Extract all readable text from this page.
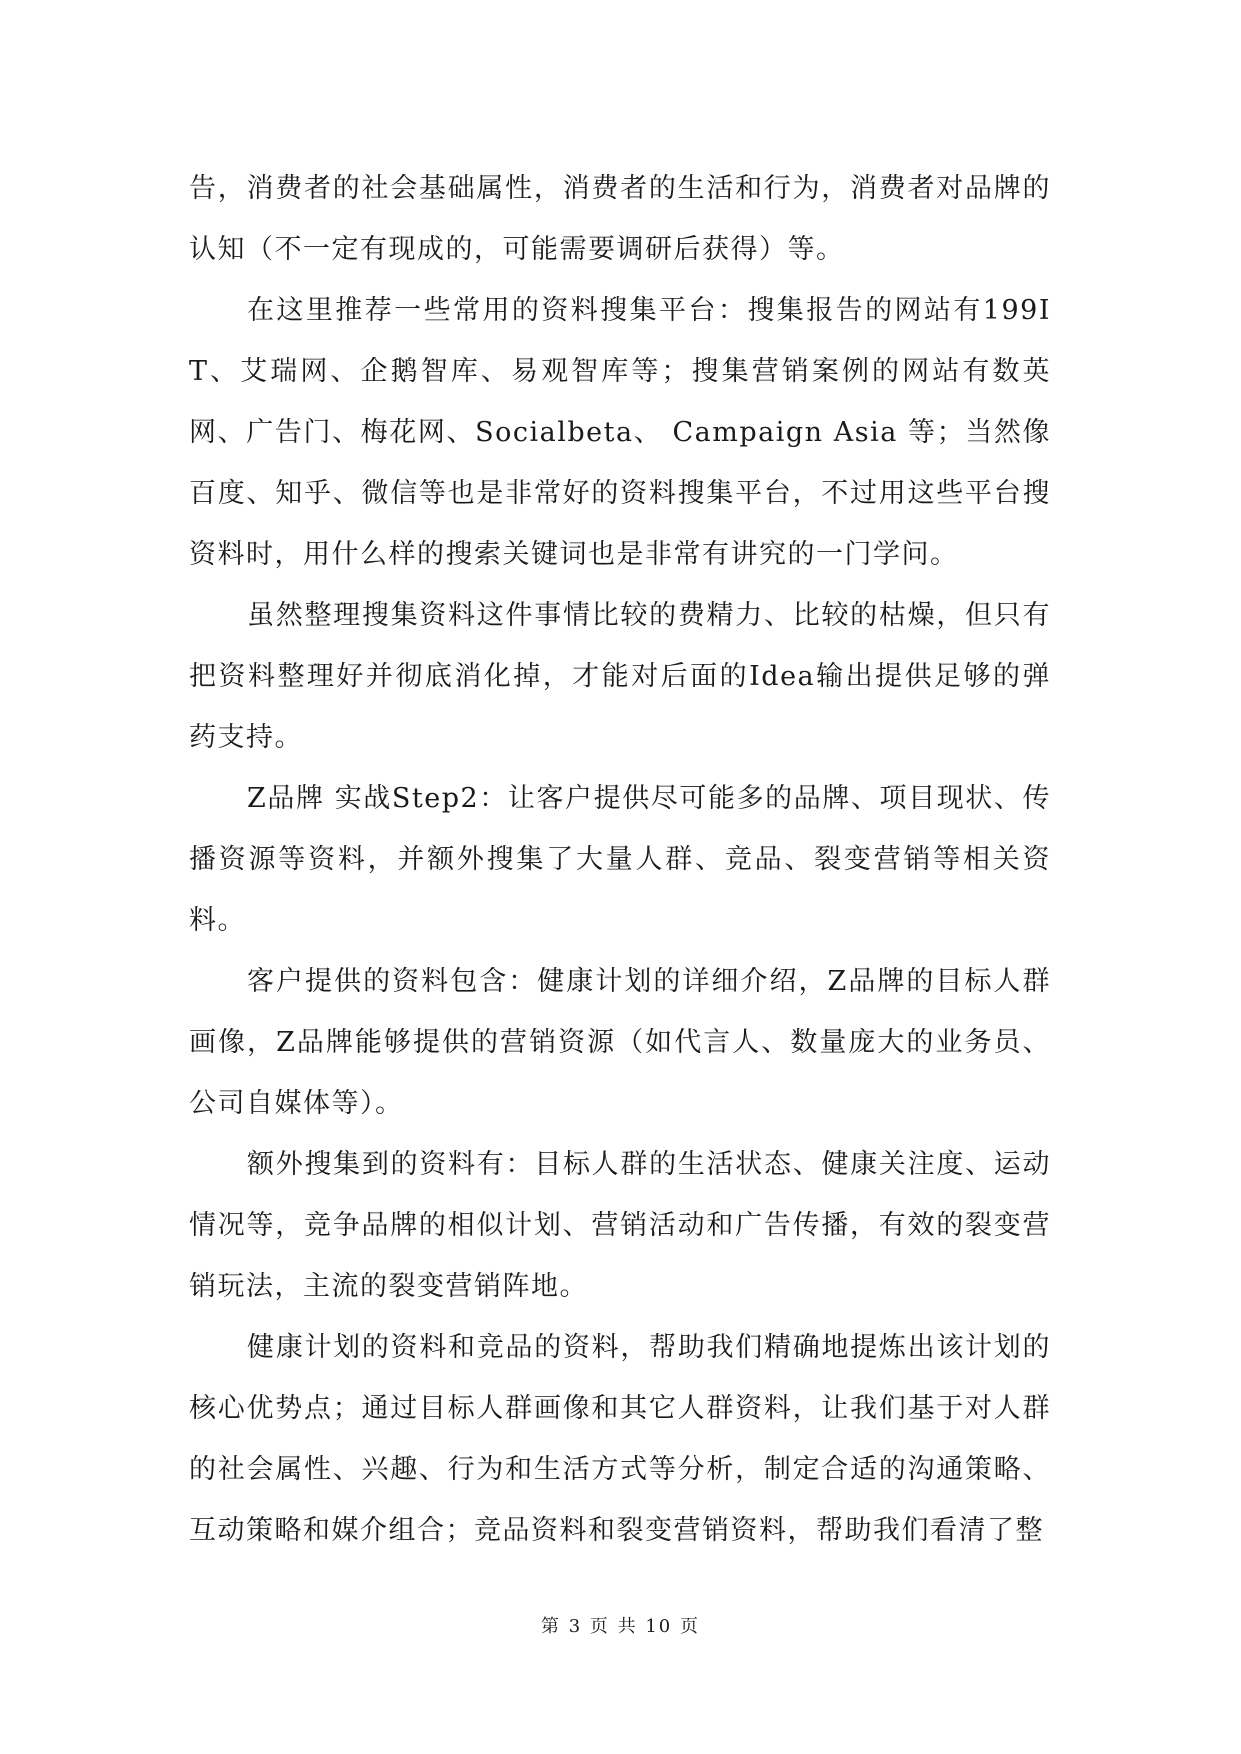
告，消费者的社会基础属性，消费者的生活和行为，消费者对品牌的认知（不一定有现成的，可能需要调研后获得）等。

在这里推荐一些常用的资料搜集平台：搜集报告的网站有199IT、艾瑞网、企鹅智库、易观智库等；搜集营销案例的网站有数英网、广告门、梅花网、Socialbeta、 Campaign Asia 等；当然像百度、知乎、微信等也是非常好的资料搜集平台，不过用这些平台搜资料时，用什么样的搜索关键词也是非常有讲究的一门学问。

虽然整理搜集资料这件事情比较的费精力、比较的枯燥，但只有把资料整理好并彻底消化掉，才能对后面的Idea输出提供足够的弹药支持。

Z品牌 实战Step2：让客户提供尽可能多的品牌、项目现状、传播资源等资料，并额外搜集了大量人群、竞品、裂变营销等相关资料。

客户提供的资料包含：健康计划的详细介绍，Z品牌的目标人群画像，Z品牌能够提供的营销资源（如代言人、数量庞大的业务员、公司自媒体等）。

额外搜集到的资料有：目标人群的生活状态、健康关注度、运动情况等，竞争品牌的相似计划、营销活动和广告传播，有效的裂变营销玩法，主流的裂变营销阵地。

健康计划的资料和竞品的资料，帮助我们精确地提炼出该计划的核心优势点；通过目标人群画像和其它人群资料，让我们基于对人群的社会属性、兴趣、行为和生活方式等分析，制定合适的沟通策略、互动策略和媒介组合；竞品资料和裂变营销资料，帮助我们看清了整

第 3 页 共 10 页
